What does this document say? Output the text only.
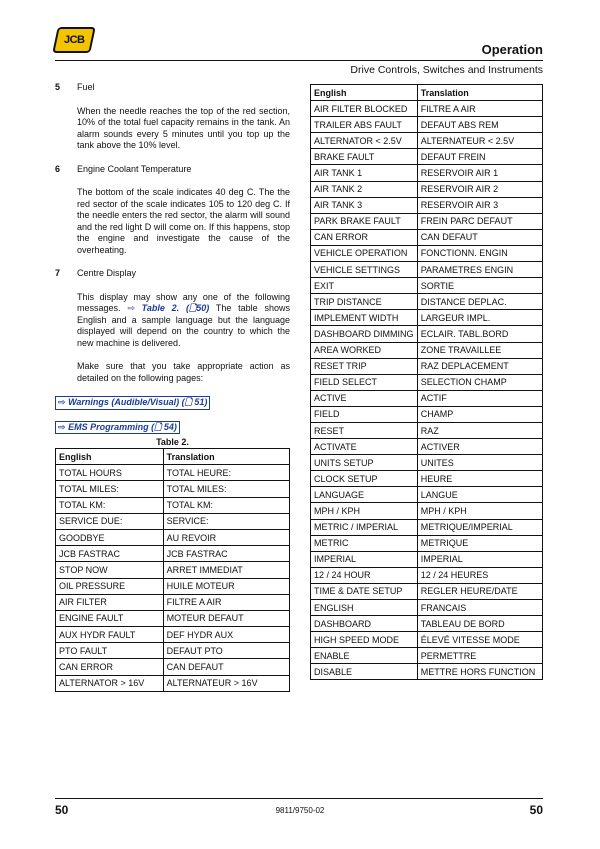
JCB
Operation
Drive Controls, Switches and Instruments
5	Fuel

When the needle reaches the top of the red section, 10% of the total fuel capacity remains in the tank. An alarm sounds every 5 minutes until you top up the tank above the 10% level.

6	Engine Coolant Temperature

The bottom of the scale indicates 40 deg C. The the red sector of the scale indicates 105 to 120 deg C. If the needle enters the red sector, the alarm will sound and the red light D will come on. If this happens, stop the engine and investigate the cause of the overheating.

7	Centre Display

This display may show any one of the following messages. ⇨ Table 2. (🗋50) The table shows English and a sample language but the language displayed will depend on the country to which the new machine is delivered.

Make sure that you take appropriate action as detailed on the following pages:

⇨ Warnings (Audible/Visual) (🗋 51)
⇨ EMS Programming (🗋 54)
Table 2.
English	Translation
TOTAL HOURS	TOTAL HEURE:
TOTAL MILES:	TOTAL MILES:
TOTAL KM:	TOTAL KM:
SERVICE DUE:	SERVICE:
GOODBYE	AU REVOIR
JCB FASTRAC	JCB FASTRAC
STOP NOW	ARRET IMMEDIAT
OIL PRESSURE	HUILE MOTEUR
AIR FILTER	FILTRE A AIR
ENGINE FAULT	MOTEUR DEFAUT
AUX HYDR FAULT	DEF HYDR AUX
PTO FAULT	DEFAUT PTO
CAN ERROR	CAN DEFAUT
ALTERNATOR > 16V	ALTERNATEUR > 16V
English	Translation
AIR FILTER BLOCKED	FILTRE A AIR
TRAILER ABS FAULT	DEFAUT ABS REM
ALTERNATOR < 2.5V	ALTERNATEUR < 2.5V
BRAKE FAULT	DEFAUT FREIN
AIR TANK 1	RESERVOIR AIR 1
AIR TANK 2	RESERVOIR AIR 2
AIR TANK 3	RESERVOIR AIR 3
PARK BRAKE FAULT	FREIN PARC DEFAUT
CAN ERROR	CAN DEFAUT
VEHICLE OPERATION	FONCTIONN. ENGIN
VEHICLE SETTINGS	PARAMETRES ENGIN
EXIT	SORTIE
TRIP DISTANCE	DISTANCE DEPLAC.
IMPLEMENT WIDTH	LARGEUR IMPL.
DASHBOARD DIMMING	ECLAIR. TABL.BORD
AREA WORKED	ZONE TRAVAILLEE
RESET TRIP	RAZ DEPLACEMENT
FIELD SELECT	SELECTION CHAMP
ACTIVE	ACTIF
FIELD	CHAMP
RESET	RAZ
ACTIVATE	ACTIVER
UNITS SETUP	UNITES
CLOCK SETUP	HEURE
LANGUAGE	LANGUE
MPH / KPH	MPH / KPH
METRIC / IMPERIAL	METRIQUE/IMPERIAL
METRIC	METRIQUE
IMPERIAL	IMPERIAL
12 / 24 HOUR	12 / 24 HEURES
TIME & DATE SETUP	REGLER HEURE/DATE
ENGLISH	FRANCAIS
DASHBOARD	TABLEAU DE BORD
HIGH SPEED MODE	ÉLEVÉ VITESSE MODE
ENABLE	PERMETTRE
DISABLE	METTRE HORS FUNCTION
50	9811/9750-02	50
